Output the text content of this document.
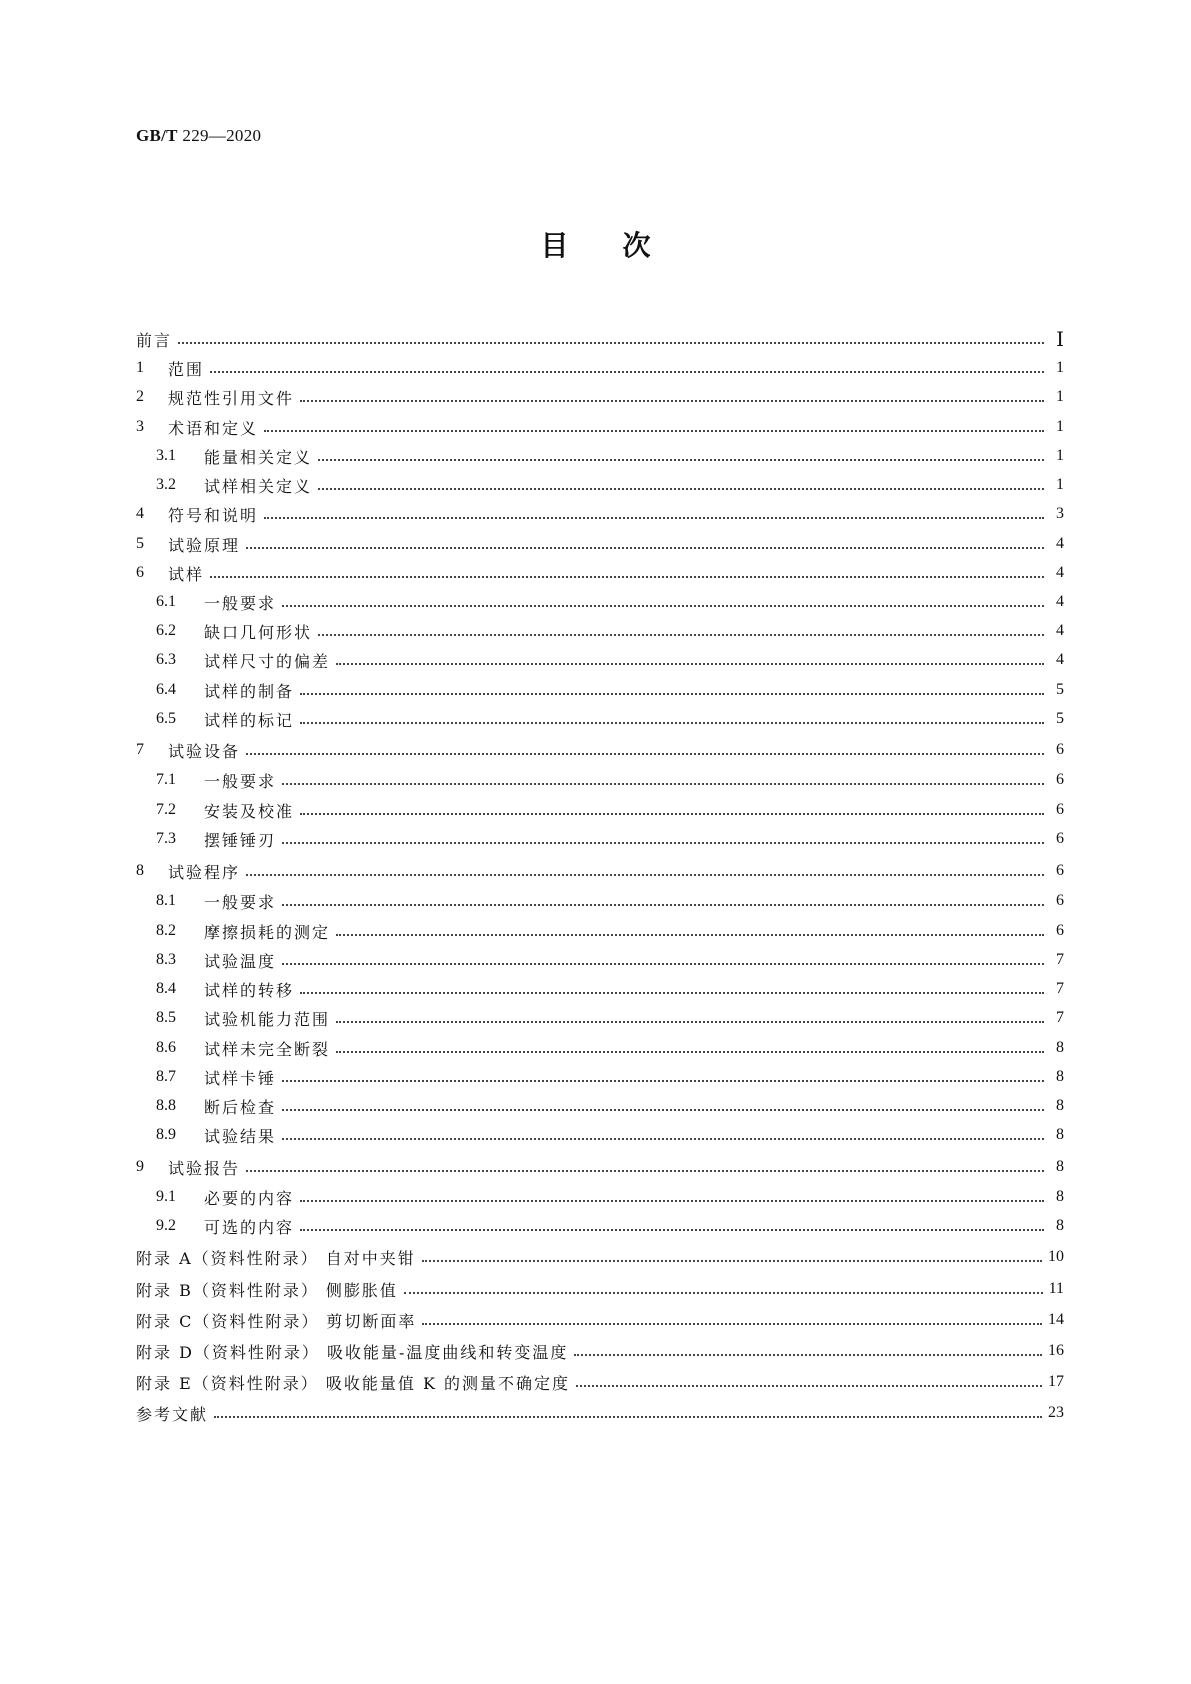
GB/T 229—2020
目 次
前言	Ⅰ
1	范围	1
2	规范性引用文件	1
3	术语和定义	1
3.1	能量相关定义	1
3.2	试样相关定义	1
4	符号和说明	3
5	试验原理	4
6	试样	4
6.1	一般要求	4
6.2	缺口几何形状	4
6.3	试样尺寸的偏差	4
6.4	试样的制备	5
6.5	试样的标记	5
7	试验设备	6
7.1	一般要求	6
7.2	安装及校准	6
7.3	摆锤锤刃	6
8	试验程序	6
8.1	一般要求	6
8.2	摩擦损耗的测定	6
8.3	试验温度	7
8.4	试样的转移	7
8.5	试验机能力范围	7
8.6	试样未完全断裂	8
8.7	试样卡锤	8
8.8	断后检查	8
8.9	试验结果	8
9	试验报告	8
9.1	必要的内容	8
9.2	可选的内容	8
附录 A（资料性附录） 自对中夹钳	10
附录 B（资料性附录） 侧膨胀值	11
附录 C（资料性附录） 剪切断面率	14
附录 D（资料性附录） 吸收能量-温度曲线和转变温度	16
附录 E（资料性附录） 吸收能量值 K 的测量不确定度	17
参考文献	23
